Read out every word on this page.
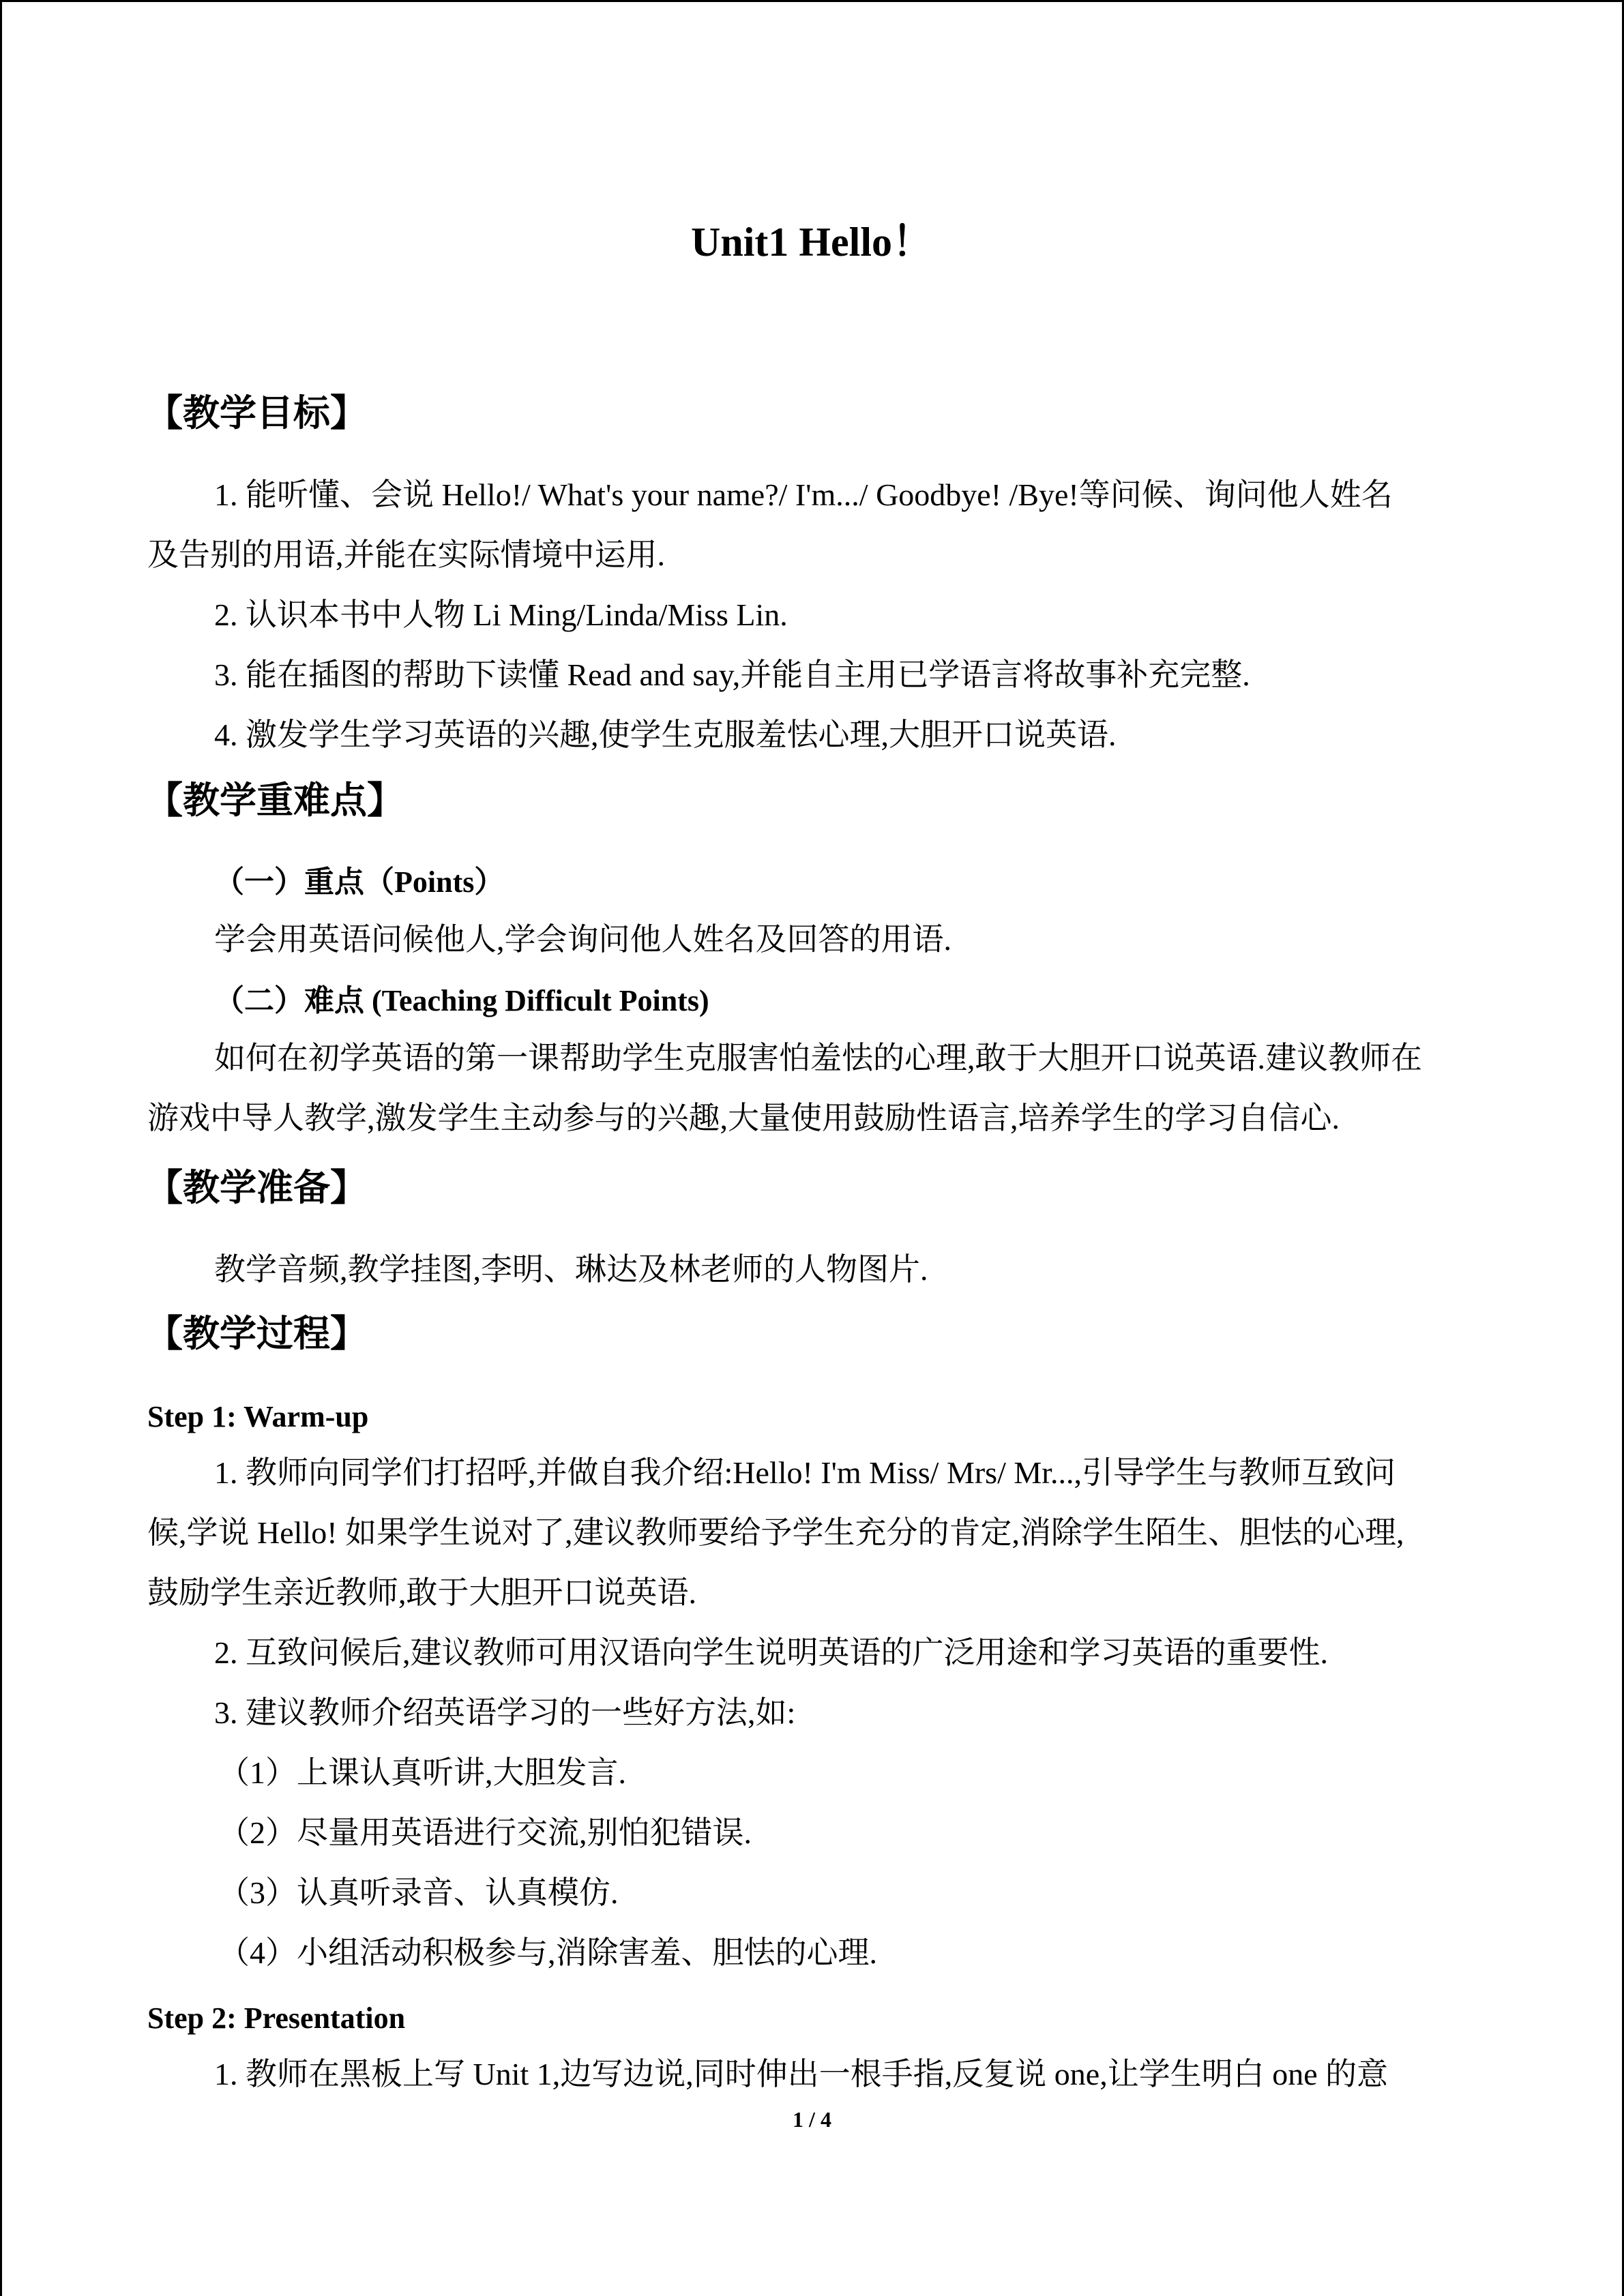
Unit1 Hello！
【教学目标】
1. 能听懂、会说 Hello!/ What's your name?/ I'm.../ Goodbye! /Bye!等问候、询问他人姓名
及告别的用语,并能在实际情境中运用.
2. 认识本书中人物 Li Ming/Linda/Miss Lin.
3. 能在插图的帮助下读懂 Read and say,并能自主用已学语言将故事补充完整.
4. 激发学生学习英语的兴趣,使学生克服羞怯心理,大胆开口说英语.
【教学重难点】
（一）重点（Points）
学会用英语问候他人,学会询问他人姓名及回答的用语.
（二）难点 (Teaching Difficult Points)
如何在初学英语的第一课帮助学生克服害怕羞怯的心理,敢于大胆开口说英语.建议教师在
游戏中导人教学,激发学生主动参与的兴趣,大量使用鼓励性语言,培养学生的学习自信心.
【教学准备】
教学音频,教学挂图,李明、琳达及林老师的人物图片.
【教学过程】
Step 1: Warm-up
1. 教师向同学们打招呼,并做自我介绍:Hello! I'm Miss/ Mrs/ Mr...,引导学生与教师互致问
候,学说 Hello! 如果学生说对了,建议教师要给予学生充分的肯定,消除学生陌生、胆怯的心理,
鼓励学生亲近教师,敢于大胆开口说英语.
2. 互致问候后,建议教师可用汉语向学生说明英语的广泛用途和学习英语的重要性.
3. 建议教师介绍英语学习的一些好方法,如:
（1）上课认真听讲,大胆发言.
（2）尽量用英语进行交流,别怕犯错误.
（3）认真听录音、认真模仿.
（4）小组活动积极参与,消除害羞、胆怯的心理.
Step 2: Presentation
1. 教师在黑板上写 Unit 1,边写边说,同时伸出一根手指,反复说 one,让学生明白 one 的意
1 / 4
